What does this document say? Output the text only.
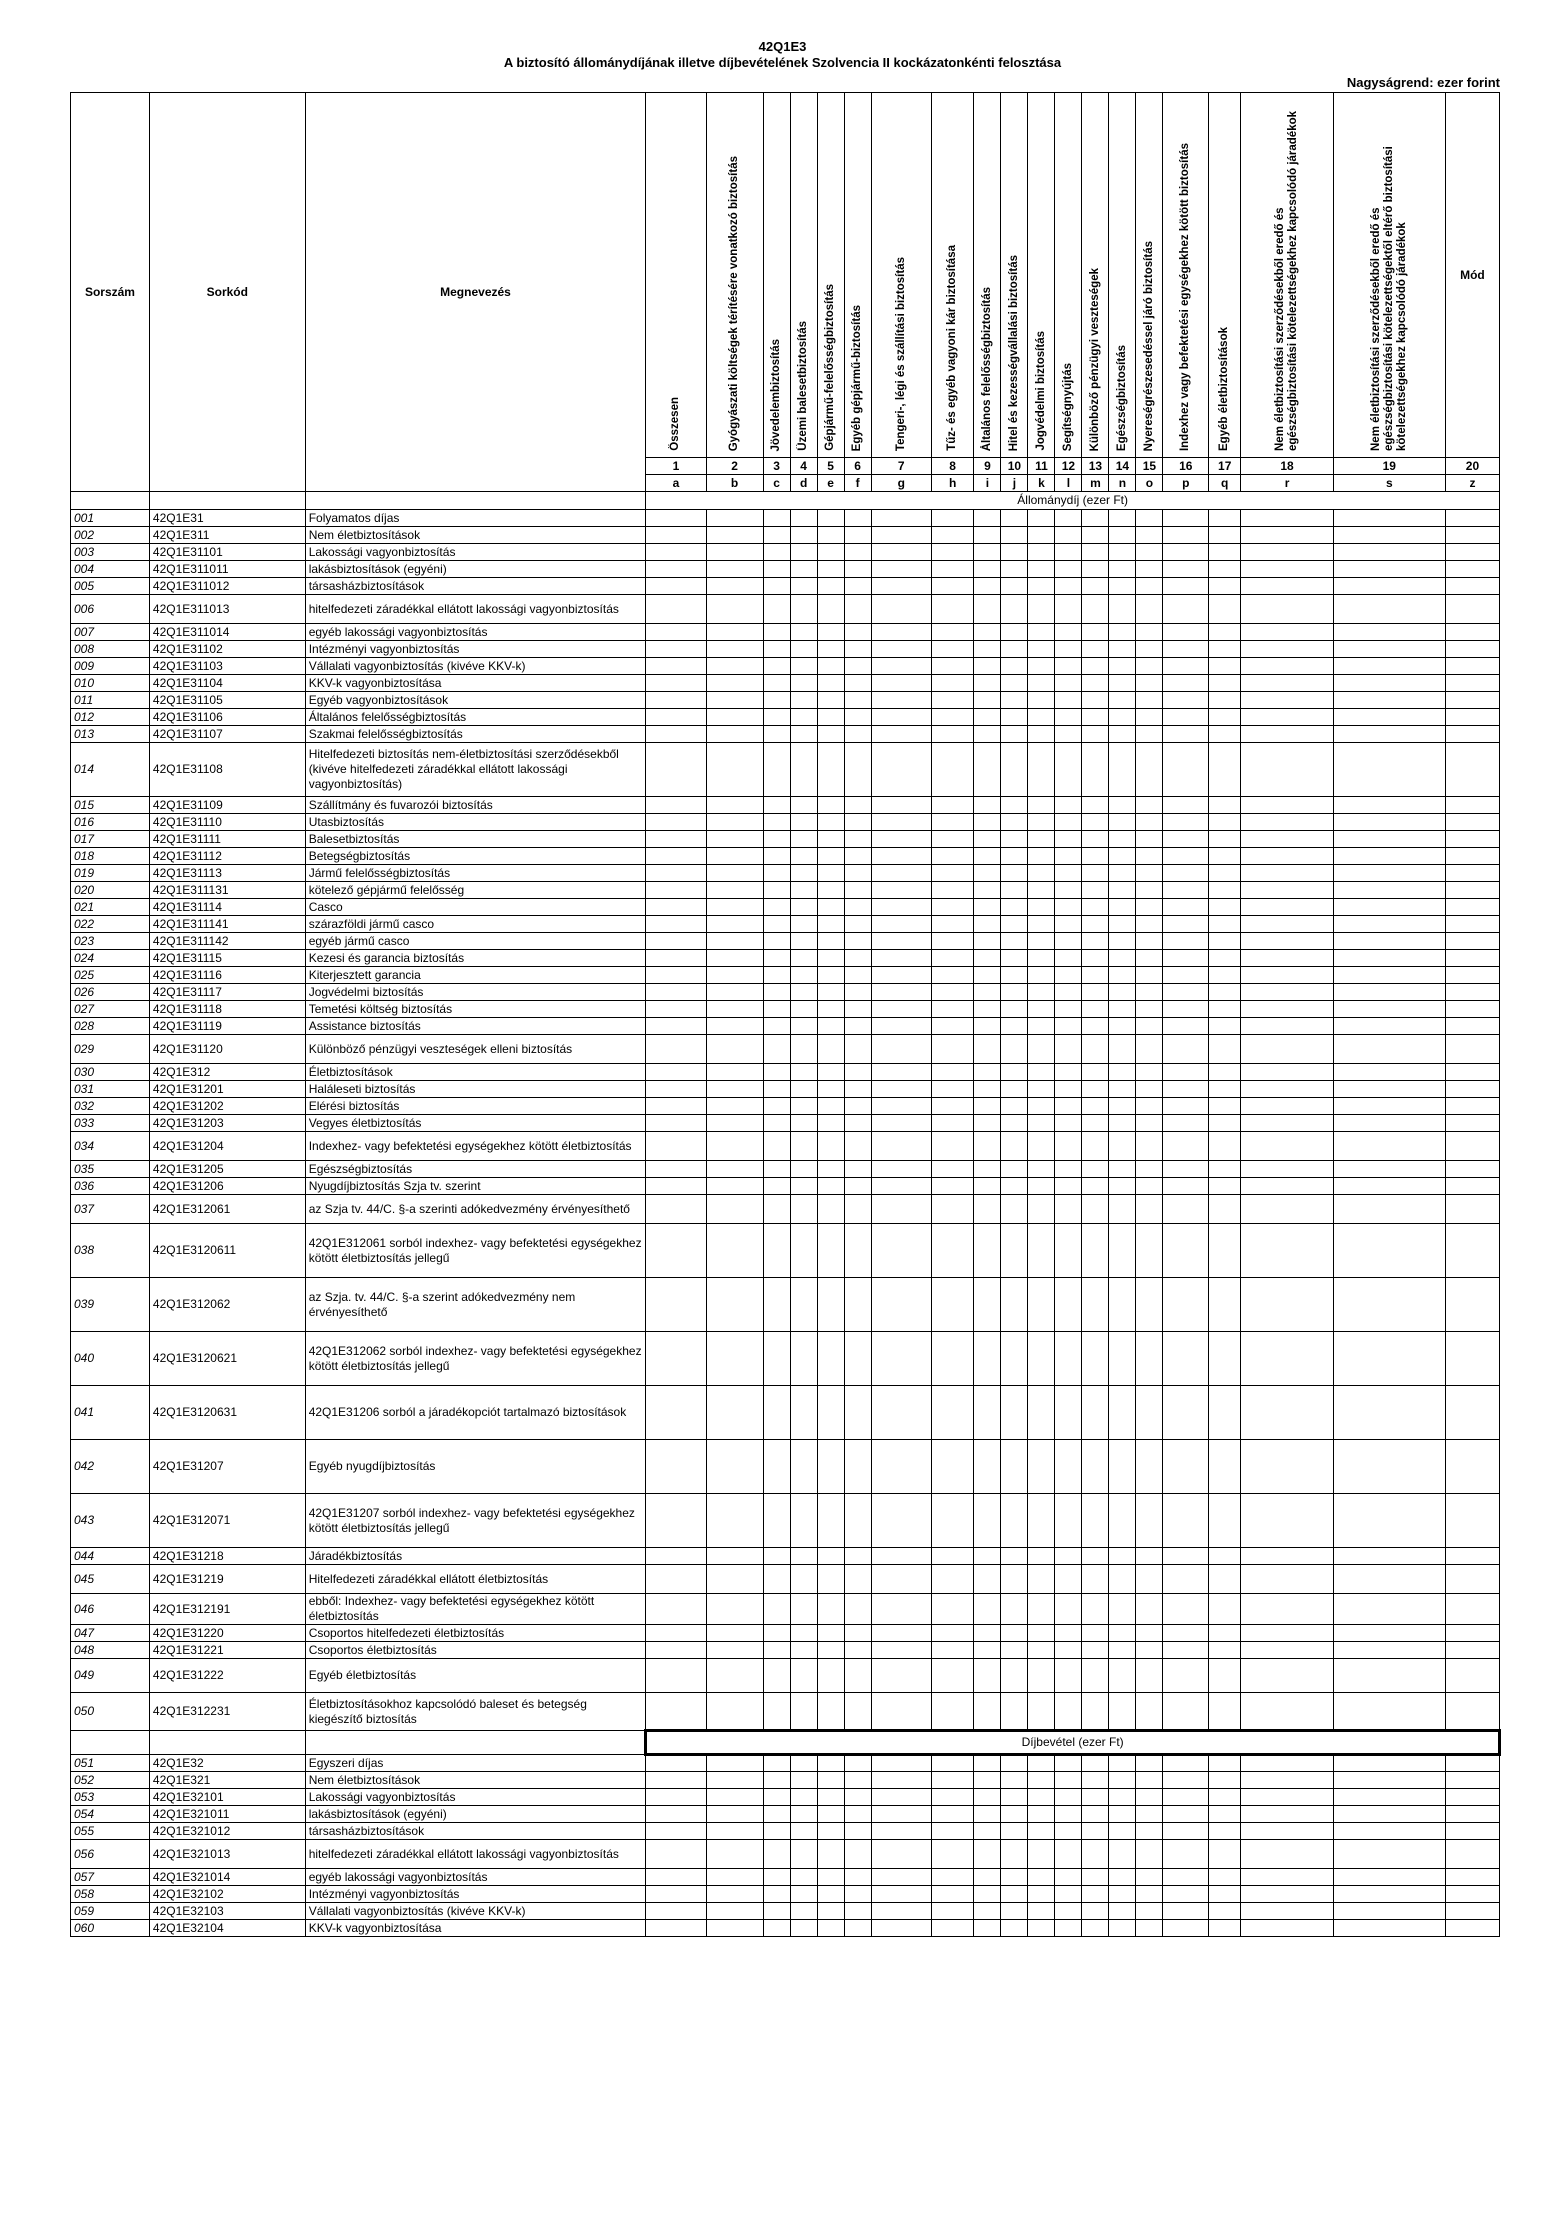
42Q1E3
A biztosító állománydíjának illetve díjbevételének Szolvencia II kockázatonkénti felosztása
Nagyságrend: ezer forint
Sorszám	Sorkód	Megnevezés	Összesen	Gyógyászati költségek térítésére vonatkozó biztosítás	Jövedelembiztosítás	Üzemi balesetbiztosítás	Gépjármű-felelősségbiztosítás	Egyéb gépjármű-biztosítás	Tengeri-, légi és szállítási biztosítás	Tűz- és egyéb vagyoni kár biztosítása	Általános felelősségbiztosítás	Hitel és kezességvállalási biztosítás	Jogvédelmi biztosítás	Segítségnyújtás	Különböző pénzügyi veszteségek	Egészségbiztosítás	Nyereségrészesedéssel járó biztosítás	Indexhez vagy befektetési egységekhez kötött biztosítás	Egyéb életbiztosítások	Nem életbiztosítási szerződésekből eredő és egészségbiztosítási kötelezettségekhez kapcsolódó járadékok	Nem életbiztosítási szerződésekből eredő és egészségbiztosítási kötelezettségektől eltérő biztosítási kötelezettségekhez kapcsolódó járadékok	Mód
			1	2	3	4	5	6	7	8	9	10	11	12	13	14	15	16	17	18	19	20
			a	b	c	d	e	f	g	h	i	j	k	l	m	n	o	p	q	r	s	z
			Állománydíj (ezer Ft)																			
001	42Q1E31	Folyamatos díjas																				
002	42Q1E311	Nem életbiztosítások																				
003	42Q1E31101	Lakossági vagyonbiztosítás																				
004	42Q1E311011	lakásbiztosítások (egyéni)																				
005	42Q1E311012	társasházbiztosítások																				
006	42Q1E311013	hitelfedezeti záradékkal ellátott lakossági vagyonbiztosítás																				
007	42Q1E311014	egyéb lakossági vagyonbiztosítás																				
008	42Q1E31102	Intézményi vagyonbiztosítás																				
009	42Q1E31103	Vállalati vagyonbiztosítás (kivéve KKV-k)																				
010	42Q1E31104	KKV-k vagyonbiztosítása																				
011	42Q1E31105	Egyéb vagyonbiztosítások																				
012	42Q1E31106	Általános felelősségbiztosítás																				
013	42Q1E31107	Szakmai felelősségbiztosítás																				
014	42Q1E31108	Hitelfedezeti biztosítás nem-életbiztosítási szerződésekből (kivéve hitelfedezeti záradékkal ellátott lakossági vagyonbiztosítás)																				
015	42Q1E31109	Szállítmány és fuvarozói biztosítás																				
016	42Q1E31110	Utasbiztosítás																				
017	42Q1E31111	Balesetbiztosítás																				
018	42Q1E31112	Betegségbiztosítás																				
019	42Q1E31113	Jármű felelősségbiztosítás																				
020	42Q1E311131	kötelező gépjármű felelősség																				
021	42Q1E31114	Casco																				
022	42Q1E311141	szárazföldi jármű casco																				
023	42Q1E311142	egyéb jármű casco																				
024	42Q1E31115	Kezesi és garancia biztosítás																				
025	42Q1E31116	Kiterjesztett garancia																				
026	42Q1E31117	Jogvédelmi biztosítás																				
027	42Q1E31118	Temetési költség biztosítás																				
028	42Q1E31119	Assistance biztosítás																				
029	42Q1E31120	Különböző pénzügyi veszteségek elleni biztosítás																				
030	42Q1E312	Életbiztosítások																				
031	42Q1E31201	Haláleseti biztosítás																				
032	42Q1E31202	Elérési biztosítás																				
033	42Q1E31203	Vegyes életbiztosítás																				
034	42Q1E31204	Indexhez- vagy befektetési egységekhez kötött életbiztosítás																				
035	42Q1E31205	Egészségbiztosítás																				
036	42Q1E31206	Nyugdíjbiztosítás Szja tv. szerint																				
037	42Q1E312061	az Szja tv. 44/C. §-a szerinti adókedvezmény érvényesíthető																				
038	42Q1E3120611	42Q1E312061 sorból indexhez- vagy befektetési egységekhez kötött életbiztosítás jellegű																				
039	42Q1E312062	az Szja. tv. 44/C. §-a szerint adókedvezmény nem érvényesíthető																				
040	42Q1E3120621	42Q1E312062 sorból indexhez- vagy befektetési egységekhez kötött életbiztosítás jellegű																				
041	42Q1E3120631	42Q1E31206 sorból a járadékopciót tartalmazó biztosítások																				
042	42Q1E31207	Egyéb nyugdíjbiztosítás																				
043	42Q1E312071	42Q1E31207 sorból indexhez- vagy befektetési egységekhez kötött életbiztosítás jellegű																				
044	42Q1E31218	Járadékbiztosítás																				
045	42Q1E31219	Hitelfedezeti záradékkal ellátott életbiztosítás																				
046	42Q1E312191	ebből: Indexhez- vagy befektetési egységekhez kötött életbiztosítás																				
047	42Q1E31220	Csoportos hitelfedezeti életbiztosítás																				
048	42Q1E31221	Csoportos életbiztosítás																				
049	42Q1E31222	Egyéb életbiztosítás																				
050	42Q1E312231	Életbiztosításokhoz kapcsolódó baleset és betegség kiegészítő biztosítás																				
			Díjbevétel (ezer Ft)																			
051	42Q1E32	Egyszeri díjas																				
052	42Q1E321	Nem életbiztosítások																				
053	42Q1E32101	Lakossági vagyonbiztosítás																				
054	42Q1E321011	lakásbiztosítások (egyéni)																				
055	42Q1E321012	társasházbiztosítások																				
056	42Q1E321013	hitelfedezeti záradékkal ellátott lakossági vagyonbiztosítás																				
057	42Q1E321014	egyéb lakossági vagyonbiztosítás																				
058	42Q1E32102	Intézményi vagyonbiztosítás																				
059	42Q1E32103	Vállalati vagyonbiztosítás (kivéve KKV-k)																				
060	42Q1E32104	KKV-k vagyonbiztosítása																				
